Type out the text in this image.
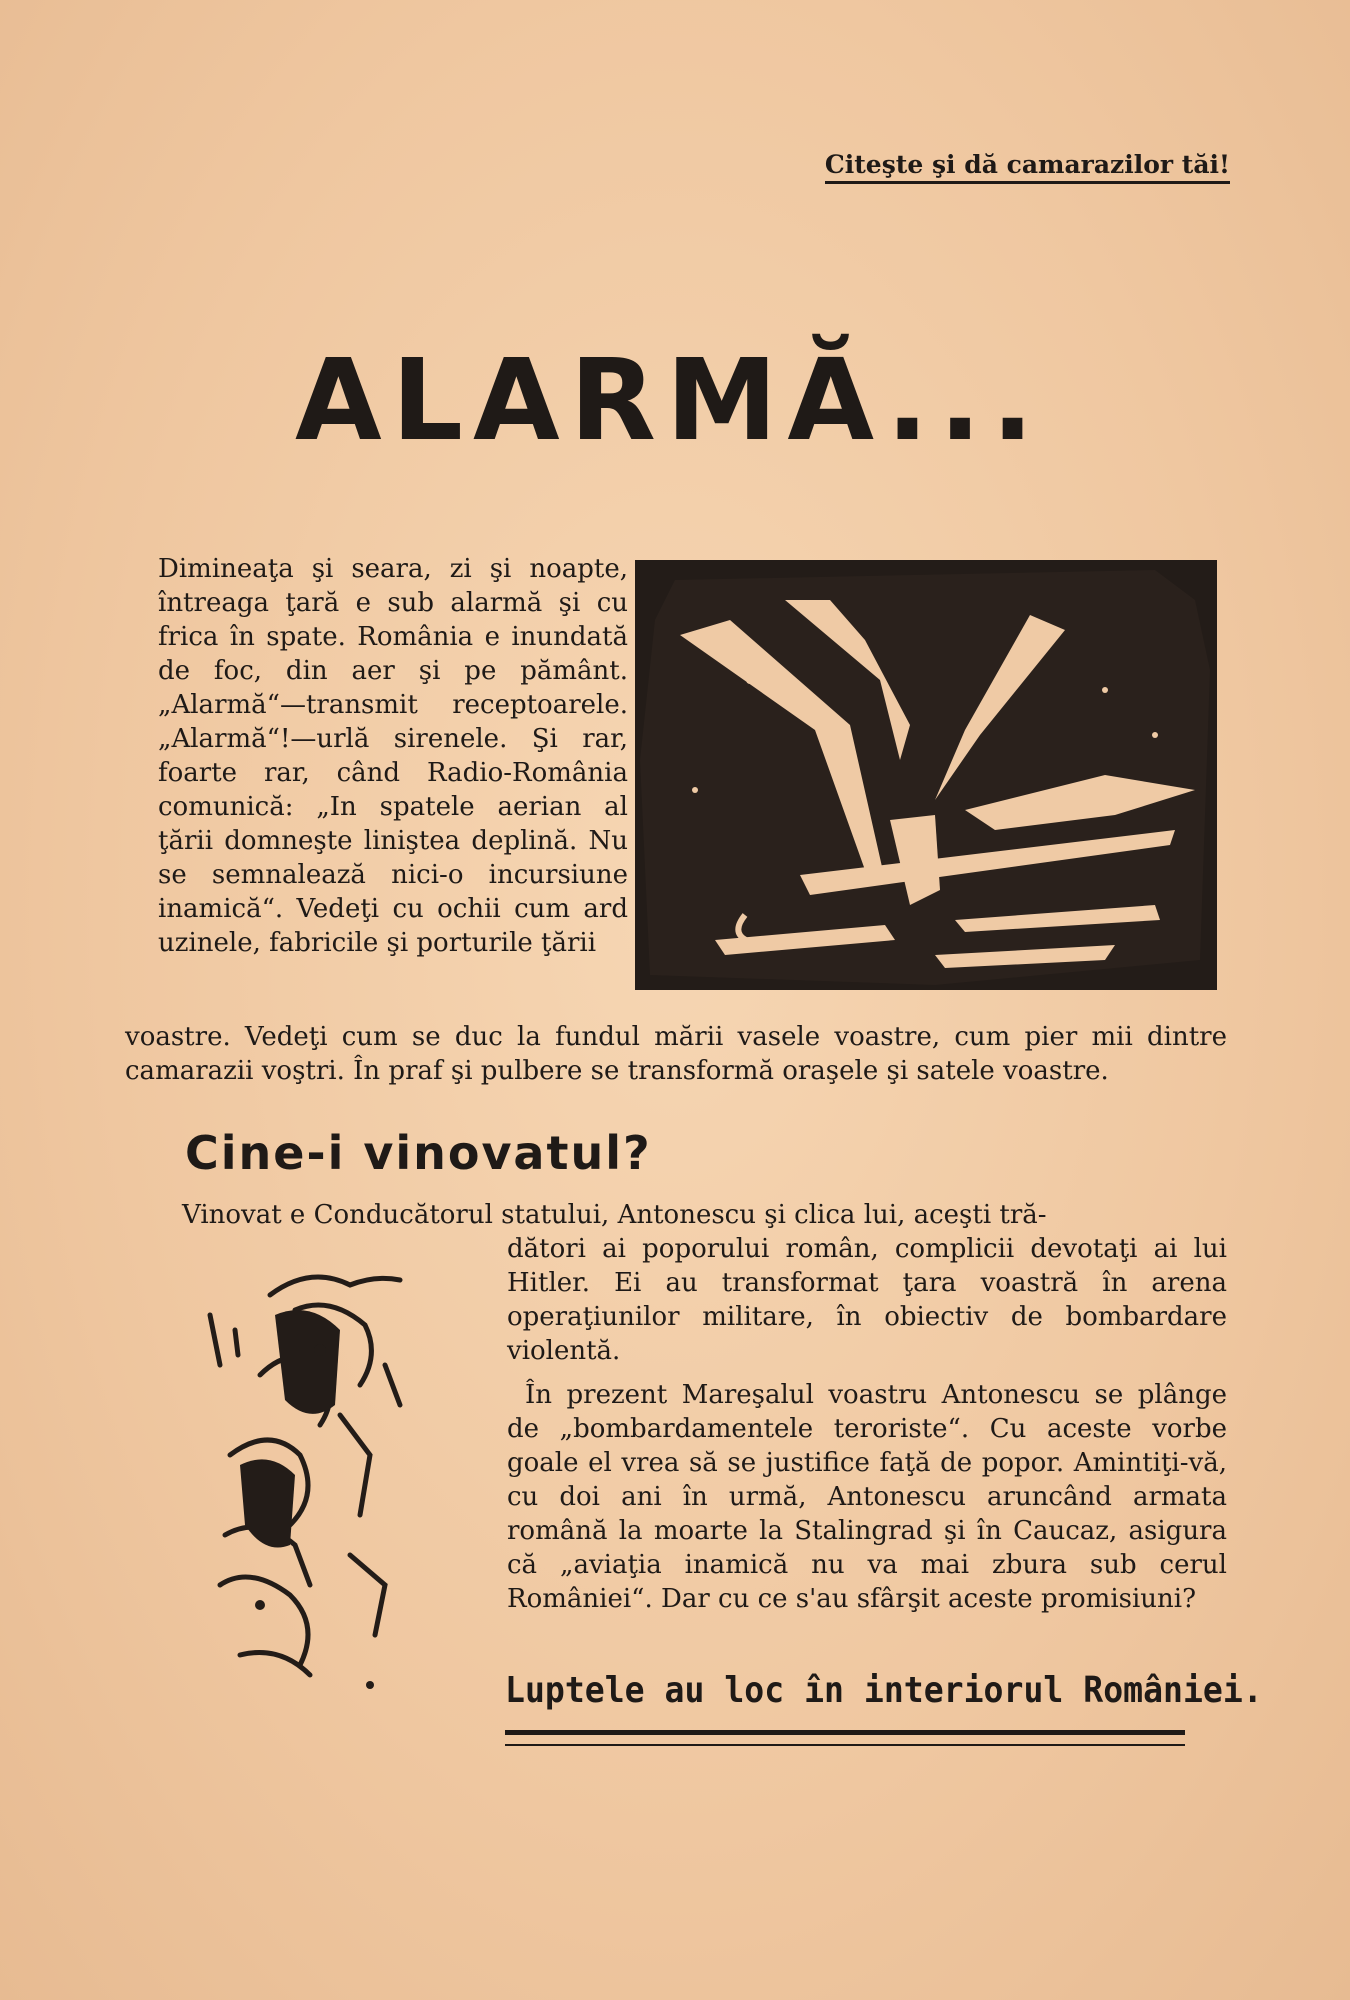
Citeşte şi dă camarazilor tăi!
ALARMĂ...

Dimineaţa şi seara, zi şi noapte, întreaga ţară e sub alarmă şi cu frica în spate. România e inundată de foc, din aer şi pe pământ. „Alarmă“—transmit receptoarele. „Alarmă“!—urlă sirenele. Şi rar, foarte rar, când Radio-România comunică: „In spatele aerian al ţării domneşte liniştea deplină. Nu se semnalează nici-o incursiune inamică“. Vedeţi cu ochii cum ard uzinele, fabricile şi porturile ţării

voastre. Vedeţi cum se duc la fundul mării vasele voastre, cum pier mii dintre camarazii voştri. În praf şi pulbere se transformă oraşele şi satele voastre.

Cine-i vinovatul?

Vinovat e Conducătorul statului, Antonescu şi clica lui, aceşti tră-

dători ai poporului român, complicii devotaţi ai lui Hitler. Ei au transformat ţara voastră în arena operaţiunilor militare, în obiectiv de bombardare violentă.

În prezent Mareşalul voastru Antonescu se plânge de „bombardamentele teroriste“. Cu aceste vorbe goale el vrea să se justifice faţă de popor. Amintiţi-vă, cu doi ani în urmă, Antonescu aruncând armata română la moarte la Stalingrad şi în Caucaz, asigura că „aviaţia inamică nu va mai zbura sub cerul României“. Dar cu ce s'au sfârşit aceste promisiuni?

Luptele au loc în interiorul României.
